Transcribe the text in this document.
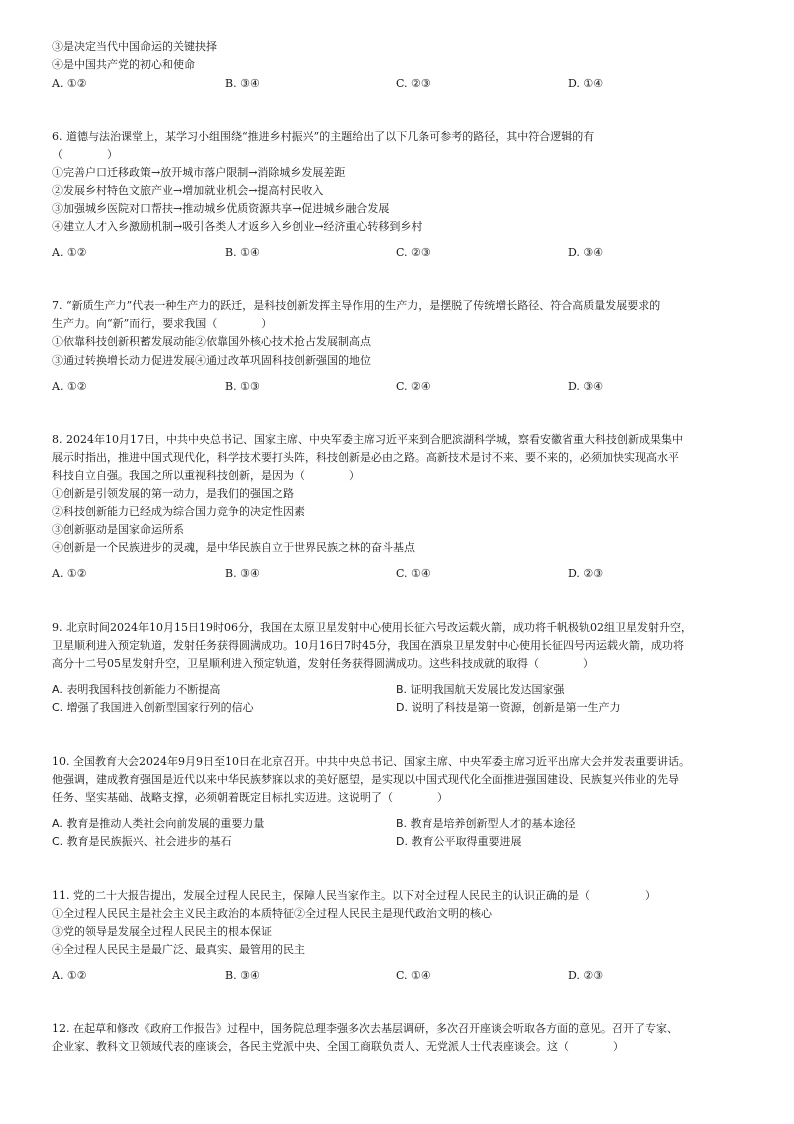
③是决定当代中国命运的关键抉择
④是中国共产党的初心和使命
A. ①②	B. ③④	C. ②③	D. ①④
6. 道德与法治课堂上，某学习小组围绕“推进乡村振兴”的主题给出了以下几条可参考的路径，其中符合逻辑的有
（　　　　）
①完善户口迁移政策→放开城市落户限制→消除城乡发展差距
②发展乡村特色文旅产业→增加就业机会→提高村民收入
③加强城乡医院对口帮扶→推动城乡优质资源共享→促进城乡融合发展
④建立人才入乡激励机制→吸引各类人才返乡入乡创业→经济重心转移到乡村
A. ①②	B. ①④	C. ②③	D. ③④
7. “新质生产力”代表一种生产力的跃迁，是科技创新发挥主导作用的生产力，是摆脱了传统增长路径、符合高质量发展要求的
生产力。向“新”而行，要求我国（　　　　）
①依靠科技创新积蓄发展动能②依靠国外核心技术抢占发展制高点
③通过转换增长动力促进发展④通过改革巩固科技创新强国的地位
A. ①②	B. ①③	C. ②④	D. ③④
8. 2024年10月17日，中共中央总书记、国家主席、中央军委主席习近平来到合肥滨湖科学城，察看安徽省重大科技创新成果集中
展示时指出，推进中国式现代化，科学技术要打头阵，科技创新是必由之路。高新技术是讨不来、要不来的，必须加快实现高水平
科技自立自强。我国之所以重视科技创新，是因为（　　　　）
①创新是引领发展的第一动力，是我们的强国之路
②科技创新能力已经成为综合国力竞争的决定性因素
③创新驱动是国家命运所系
④创新是一个民族进步的灵魂，是中华民族自立于世界民族之林的奋斗基点
A. ①②	B. ③④	C. ①④	D. ②③
9. 北京时间2024年10月15日19时06分，我国在太原卫星发射中心使用长征六号改运载火箭，成功将千帆极轨02组卫星发射升空，
卫星顺利进入预定轨道，发射任务获得圆满成功。10月16日7时45分，我国在酒泉卫星发射中心使用长征四号丙运载火箭，成功将
高分十二号05星发射升空，卫星顺利进入预定轨道，发射任务获得圆满成功。这些科技成就的取得（　　　　）
A. 表明我国科技创新能力不断提高	B. 证明我国航天发展比发达国家强
C. 增强了我国进入创新型国家行列的信心	D. 说明了科技是第一资源，创新是第一生产力
10. 全国教育大会2024年9月9日至10日在北京召开。中共中央总书记、国家主席、中央军委主席习近平出席大会并发表重要讲话。
他强调，建成教育强国是近代以来中华民族梦寐以求的美好愿望，是实现以中国式现代化全面推进强国建设、民族复兴伟业的先导
任务、坚实基础、战略支撑，必须朝着既定目标扎实迈进。这说明了（　　　　）
A. 教育是推动人类社会向前发展的重要力量	B. 教育是培养创新型人才的基本途径
C. 教育是民族振兴、社会进步的基石	D. 教育公平取得重要进展
11. 党的二十大报告提出，发展全过程人民民主，保障人民当家作主。以下对全过程人民民主的认识正确的是（　　　　　）
①全过程人民民主是社会主义民主政治的本质特征②全过程人民民主是现代政治文明的核心
③党的领导是发展全过程人民民主的根本保证
④全过程人民民主是最广泛、最真实、最管用的民主
A. ①②	B. ③④	C. ①④	D. ②③
12. 在起草和修改《政府工作报告》过程中，国务院总理李强多次去基层调研，多次召开座谈会听取各方面的意见。召开了专家、
企业家、教科文卫领域代表的座谈会，各民主党派中央、全国工商联负责人、无党派人士代表座谈会。这（　　　　）
